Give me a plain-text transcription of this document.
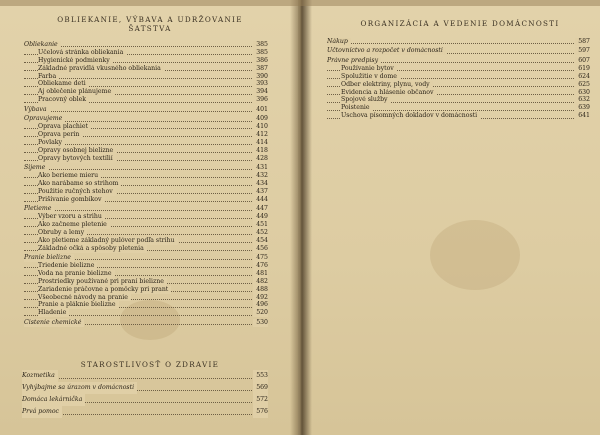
OBLIEKANIE, VÝBAVA A UDRŽOVANIE
ŠATSTVA
Obliekanie	385
Účelová stránka obliekania	385
Hygienické podmienky	386
Základné pravidlá vkusného obliekania	387
Farba	390
Obliekame deti	393
Aj oblečenie plánujeme	394
Pracovný oblek	396
Výbava	401
Opravujeme	409
Oprava plachiet	410
Oprava perín	412
Povlaky	414
Opravy osobnej bielizne	418
Opravy bytových textílií	428
Šijeme	431
Ako berieme mieru	432
Ako narábame so strihom	434
Použitie ručných stehov	437
Prišívanie gombíkov	444
Pletieme	447
Výber vzoru a strihu	449
Ako začneme pletenie	451
Obruby a lemy	452
Ako pletieme základný pulóver podľa strihu	454
Základné očká a spôsoby pletenia	456
Pranie bielizne	475
Triedenie bielizne	476
Voda na pranie bielizne	481
Prostriedky používané pri praní bielizne	482
Zariadenie práčovne a pomôcky pri prant	488
Všeobecné návody na pranie	492
Pranie a pláknie bielizne	496
Hladenie	520
Čistenie chemické	530
STAROSTLIVOSŤ O ZDRAVIE
Kozmetika	553
Vyhýbajme sa úrazom v domácnosti	569
Domáca lekárnička	572
Prvá pomoc	576
ORGANIZÁCIA A VEDENIE DOMÁCNOSTI
Nákup	587
Účtovníctvo a rozpočet v domácnosti	597
Právne predpisy	607
Používanie bytov	619
Spolužitie v dome	624
Odber elektriny, plynu, vody	625
Evidencia a hlásenie občanov	630
Spojové služby	632
Poistenie	639
Úschova písomných dokladov v domácnosti	641
